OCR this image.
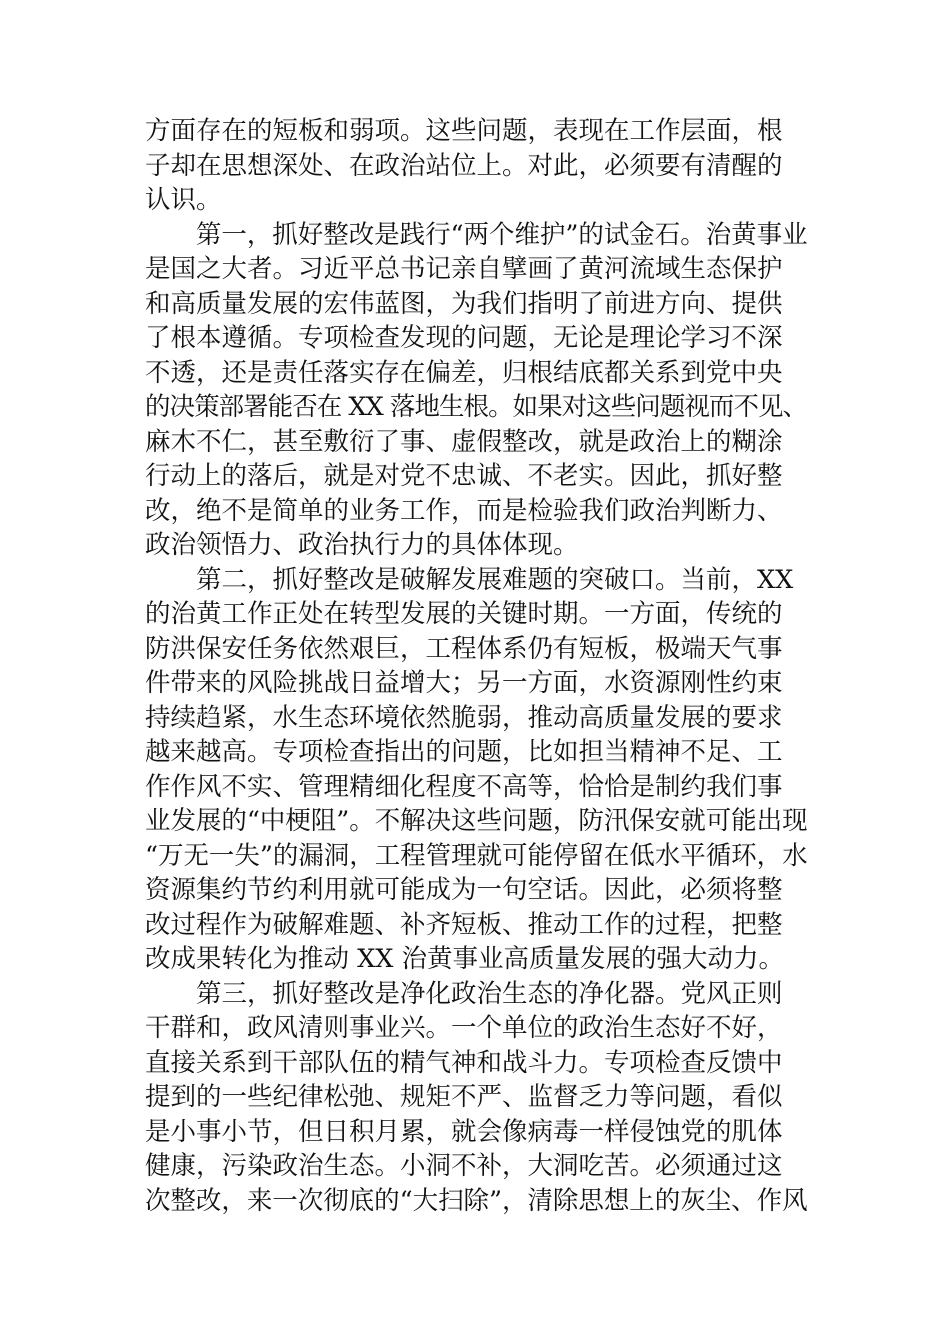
方面存在的短板和弱项。这些问题，表现在工作层面，根
子却在思想深处、在政治站位上。对此，必须要有清醒的
认识。
　　第一，抓好整改是践行“两个维护”的试金石。治黄事业
是国之大者。习近平总书记亲自擘画了黄河流域生态保护
和高质量发展的宏伟蓝图，为我们指明了前进方向、提供
了根本遵循。专项检查发现的问题，无论是理论学习不深
不透，还是责任落实存在偏差，归根结底都关系到党中央
的决策部署能否在 XX 落地生根。如果对这些问题视而不见、
麻木不仁，甚至敷衍了事、虚假整改，就是政治上的糊涂
行动上的落后，就是对党不忠诚、不老实。因此，抓好整
改，绝不是简单的业务工作，而是检验我们政治判断力、
政治领悟力、政治执行力的具体体现。
　　第二，抓好整改是破解发展难题的突破口。当前，XX
的治黄工作正处在转型发展的关键时期。一方面，传统的
防洪保安任务依然艰巨，工程体系仍有短板，极端天气事
件带来的风险挑战日益增大；另一方面，水资源刚性约束
持续趋紧，水生态环境依然脆弱，推动高质量发展的要求
越来越高。专项检查指出的问题，比如担当精神不足、工
作作风不实、管理精细化程度不高等，恰恰是制约我们事
业发展的“中梗阻”。不解决这些问题，防汛保安就可能出现
“万无一失”的漏洞，工程管理就可能停留在低水平循环，水
资源集约节约利用就可能成为一句空话。因此，必须将整
改过程作为破解难题、补齐短板、推动工作的过程，把整
改成果转化为推动 XX 治黄事业高质量发展的强大动力。
　　第三，抓好整改是净化政治生态的净化器。党风正则
干群和，政风清则事业兴。一个单位的政治生态好不好，
直接关系到干部队伍的精气神和战斗力。专项检查反馈中
提到的一些纪律松弛、规矩不严、监督乏力等问题，看似
是小事小节，但日积月累，就会像病毒一样侵蚀党的肌体
健康，污染政治生态。小洞不补，大洞吃苦。必须通过这
次整改，来一次彻底的“大扫除”，清除思想上的灰尘、作风
